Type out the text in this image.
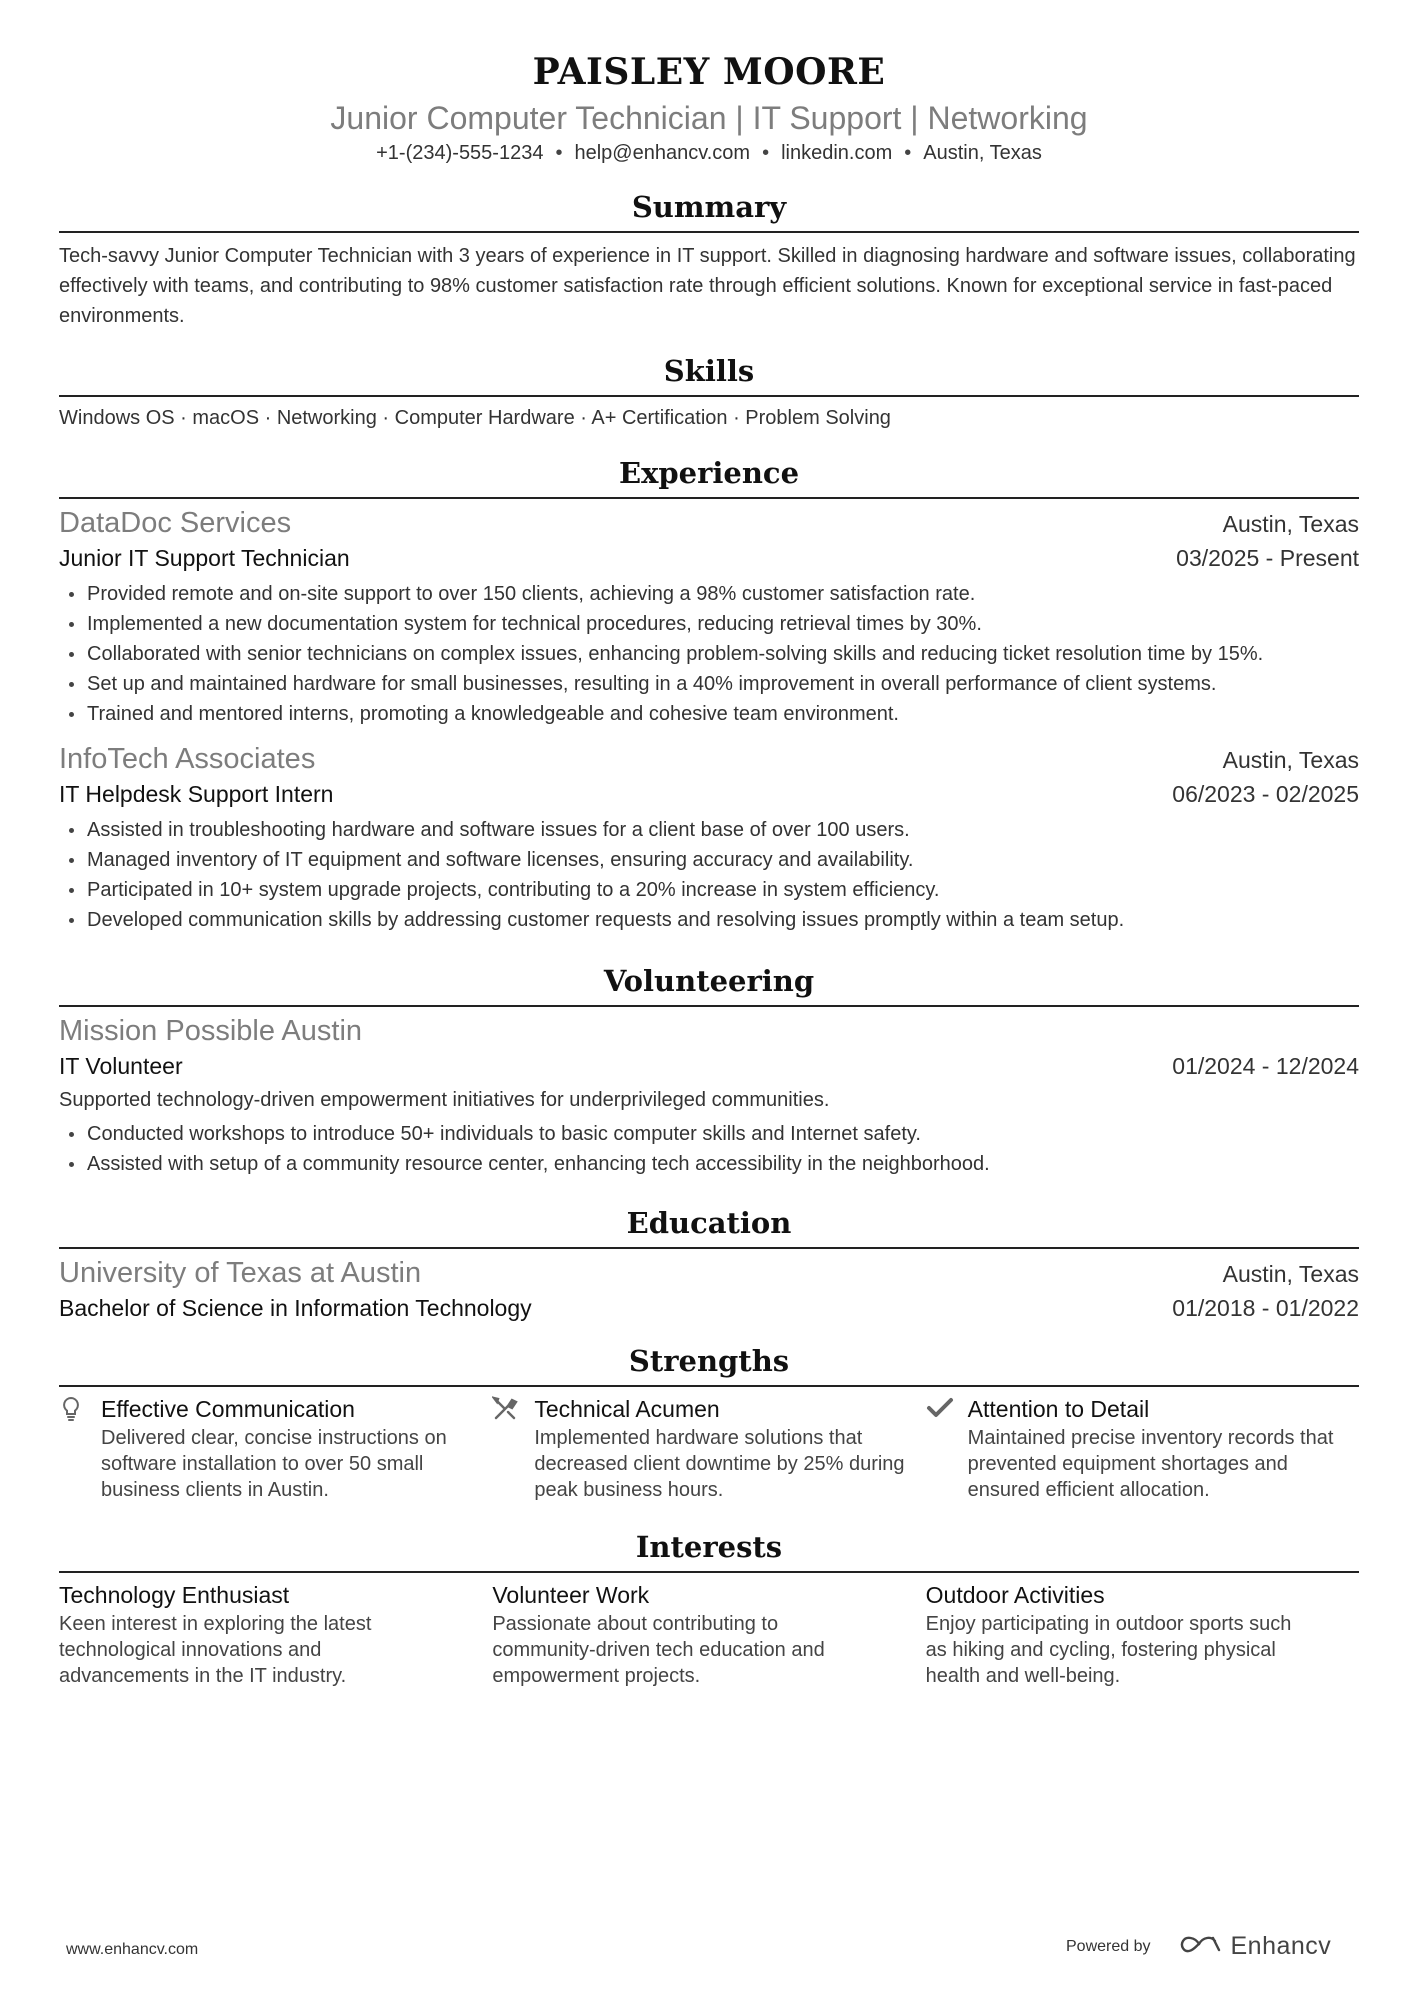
PAISLEY MOORE
Junior Computer Technician | IT Support | Networking
+1-(234)-555-1234 • help@enhancv.com • linkedin.com • Austin, Texas
Summary
Tech-savvy Junior Computer Technician with 3 years of experience in IT support. Skilled in diagnosing hardware and software issues, collaborating effectively with teams, and contributing to 98% customer satisfaction rate through efficient solutions. Known for exceptional service in fast-paced environments.
Skills
Windows OS · macOS · Networking · Computer Hardware · A+ Certification · Problem Solving
Experience
DataDoc Services	Austin, Texas
Junior IT Support Technician	03/2025 - Present
Provided remote and on-site support to over 150 clients, achieving a 98% customer satisfaction rate.
Implemented a new documentation system for technical procedures, reducing retrieval times by 30%.
Collaborated with senior technicians on complex issues, enhancing problem-solving skills and reducing ticket resolution time by 15%.
Set up and maintained hardware for small businesses, resulting in a 40% improvement in overall performance of client systems.
Trained and mentored interns, promoting a knowledgeable and cohesive team environment.
InfoTech Associates	Austin, Texas
IT Helpdesk Support Intern	06/2023 - 02/2025
Assisted in troubleshooting hardware and software issues for a client base of over 100 users.
Managed inventory of IT equipment and software licenses, ensuring accuracy and availability.
Participated in 10+ system upgrade projects, contributing to a 20% increase in system efficiency.
Developed communication skills by addressing customer requests and resolving issues promptly within a team setup.
Volunteering
Mission Possible Austin
IT Volunteer	01/2024 - 12/2024
Supported technology-driven empowerment initiatives for underprivileged communities.
Conducted workshops to introduce 50+ individuals to basic computer skills and Internet safety.
Assisted with setup of a community resource center, enhancing tech accessibility in the neighborhood.
Education
University of Texas at Austin	Austin, Texas
Bachelor of Science in Information Technology	01/2018 - 01/2022
Strengths
Effective Communication
Delivered clear, concise instructions on software installation to over 50 small business clients in Austin.
Technical Acumen
Implemented hardware solutions that decreased client downtime by 25% during peak business hours.
Attention to Detail
Maintained precise inventory records that prevented equipment shortages and ensured efficient allocation.
Interests
Technology Enthusiast
Keen interest in exploring the latest technological innovations and advancements in the IT industry.
Volunteer Work
Passionate about contributing to community-driven tech education and empowerment projects.
Outdoor Activities
Enjoy participating in outdoor sports such as hiking and cycling, fostering physical health and well-being.
www.enhancv.com	Powered by	Enhancv
